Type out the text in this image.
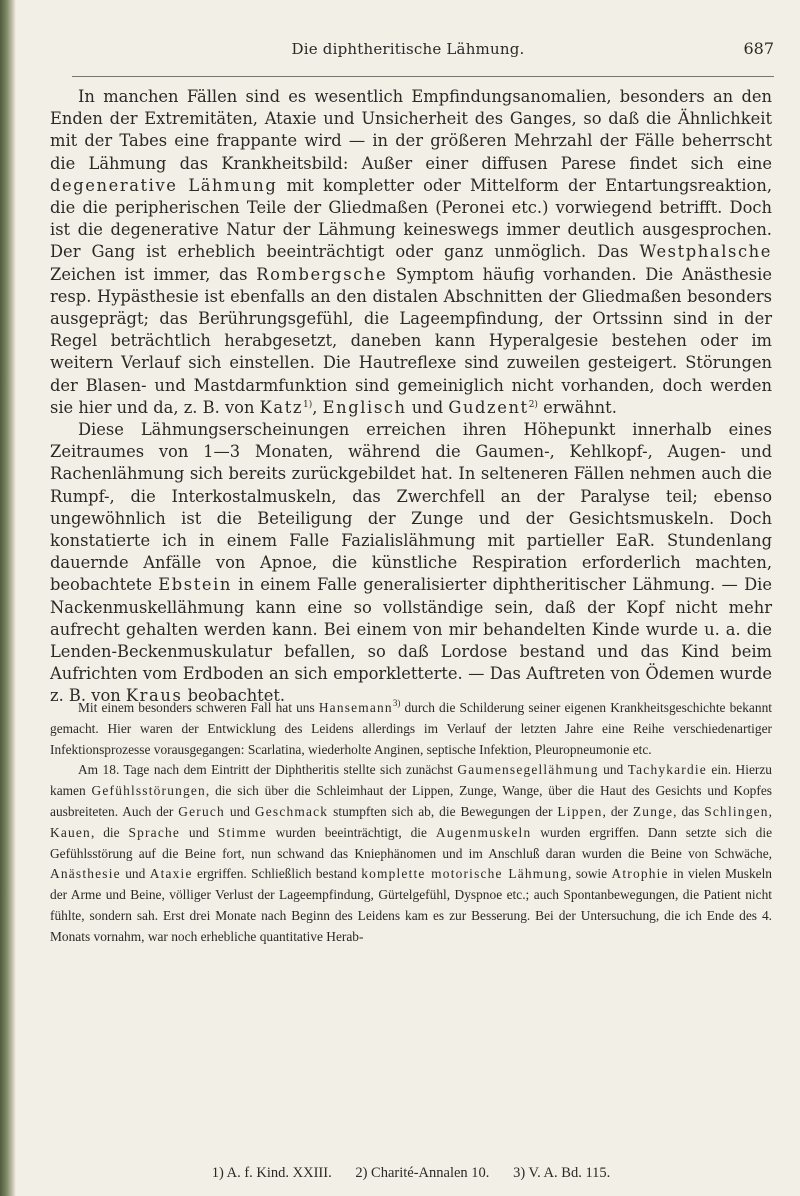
Die diphtheritische Lähmung.	687

In manchen Fällen sind es wesentlich Empfindungsanomalien, besonders an den Enden der Extremitäten, Ataxie und Unsicherheit des Ganges, so daß die Ähnlichkeit mit der Tabes eine frappante wird — in der größeren Mehrzahl der Fälle beherrscht die Lähmung das Krankheitsbild: Außer einer diffusen Parese findet sich eine degenerative Lähmung mit kompletter oder Mittelform der Entartungsreaktion, die die peripherischen Teile der Gliedmaßen (Peronei etc.) vorwiegend betrifft. Doch ist die degenerative Natur der Lähmung keineswegs immer deutlich ausgesprochen. Der Gang ist erheblich beeinträchtigt oder ganz unmöglich. Das Westphalsche Zeichen ist immer, das Rombergsche Symptom häufig vorhanden. Die Anästhesie resp. Hypästhesie ist ebenfalls an den distalen Abschnitten der Gliedmaßen besonders ausgeprägt; das Berührungsgefühl, die Lageempfindung, der Ortssinn sind in der Regel beträchtlich herabgesetzt, daneben kann Hyperalgesie bestehen oder im weitern Verlauf sich einstellen. Die Hautreflexe sind zuweilen gesteigert. Störungen der Blasen- und Mastdarmfunktion sind gemeiniglich nicht vorhanden, doch werden sie hier und da, z. B. von Katz$^{1)}$, Englisch und Gudzent$^{2)}$ erwähnt.

Diese Lähmungserscheinungen erreichen ihren Höhepunkt innerhalb eines Zeitraumes von 1—3 Monaten, während die Gaumen-, Kehlkopf-, Augen- und Rachenlähmung sich bereits zurückgebildet hat. In selteneren Fällen nehmen auch die Rumpf-, die Interkostalmuskeln, das Zwerchfell an der Paralyse teil; ebenso ungewöhnlich ist die Beteiligung der Zunge und der Gesichtsmuskeln. Doch konstatierte ich in einem Falle Fazialislähmung mit partieller EaR. Stundenlang dauernde Anfälle von Apnoe, die künstliche Respiration erforderlich machten, beobachtete Ebstein in einem Falle generalisierter diphtheritischer Lähmung. — Die Nackenmuskellähmung kann eine so vollständige sein, daß der Kopf nicht mehr aufrecht gehalten werden kann. Bei einem von mir behandelten Kinde wurde u. a. die Lenden-Beckenmuskulatur befallen, so daß Lordose bestand und das Kind beim Aufrichten vom Erdboden an sich emporkletterte. — Das Auftreten von Ödemen wurde z. B. von Kraus beobachtet.

Mit einem besonders schweren Fall hat uns Hansemann$^{3)}$ durch die Schilderung seiner eigenen Krankheitsgeschichte bekannt gemacht. Hier waren der Entwicklung des Leidens allerdings im Verlauf der letzten Jahre eine Reihe verschiedenartiger Infektionsprozesse vorausgegangen: Scarlatina, wiederholte Anginen, septische Infektion, Pleuropneumonie etc.

Am 18. Tage nach dem Eintritt der Diphtheritis stellte sich zunächst Gaumensegellähmung und Tachykardie ein. Hierzu kamen Gefühlsstörungen, die sich über die Schleimhaut der Lippen, Zunge, Wange, über die Haut des Gesichts und Kopfes ausbreiteten. Auch der Geruch und Geschmack stumpften sich ab, die Bewegungen der Lippen, der Zunge, das Schlingen, Kauen, die Sprache und Stimme wurden beeinträchtigt, die Augenmuskeln wurden ergriffen. Dann setzte sich die Gefühlsstörung auf die Beine fort, nun schwand das Kniephänomen und im Anschluß daran wurden die Beine von Schwäche, Anästhesie und Ataxie ergriffen. Schließlich bestand komplette motorische Lähmung, sowie Atrophie in vielen Muskeln der Arme und Beine, völliger Verlust der Lageempfindung, Gürtelgefühl, Dyspnoe etc.; auch Spontanbewegungen, die Patient nicht fühlte, sondern sah. Erst drei Monate nach Beginn des Leidens kam es zur Besserung. Bei der Untersuchung, die ich Ende des 4. Monats vornahm, war noch erhebliche quantitative Herab-

1) A. f. Kind. XXIII. 2) Charité-Annalen 10. 3) V. A. Bd. 115.
